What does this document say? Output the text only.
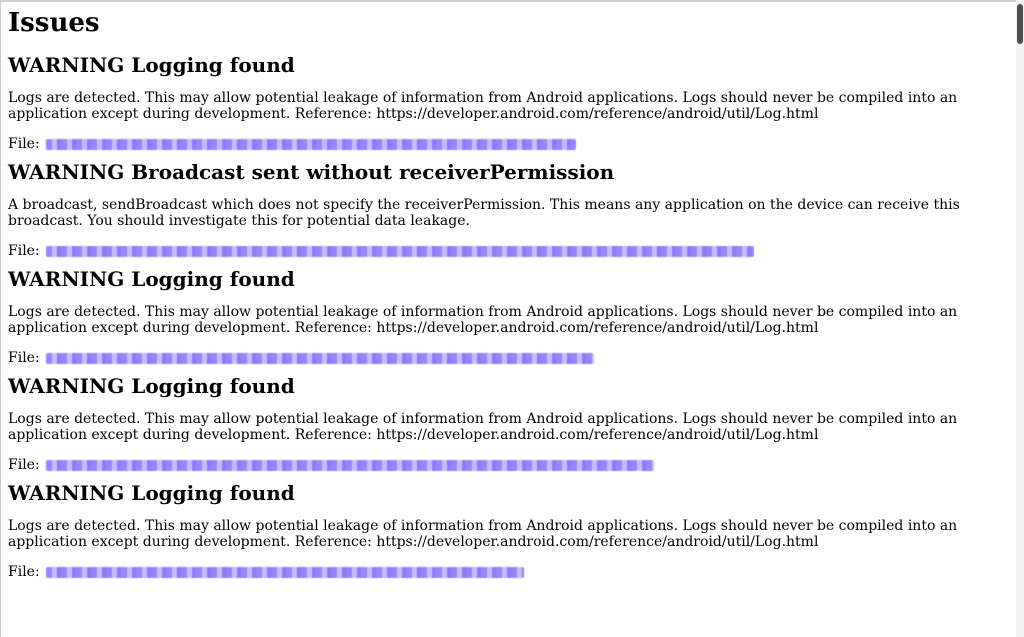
Issues
WARNING Logging found

Logs are detected. This may allow potential leakage of information from Android applications. Logs should never be compiled into an application except during development. Reference: https://developer.android.com/reference/android/util/Log.html

File:

WARNING Broadcast sent without receiverPermission

A broadcast, sendBroadcast which does not specify the receiverPermission. This means any application on the device can receive this broadcast. You should investigate this for potential data leakage.

File:

WARNING Logging found

Logs are detected. This may allow potential leakage of information from Android applications. Logs should never be compiled into an application except during development. Reference: https://developer.android.com/reference/android/util/Log.html

File:

WARNING Logging found

Logs are detected. This may allow potential leakage of information from Android applications. Logs should never be compiled into an application except during development. Reference: https://developer.android.com/reference/android/util/Log.html

File:

WARNING Logging found

Logs are detected. This may allow potential leakage of information from Android applications. Logs should never be compiled into an application except during development. Reference: https://developer.android.com/reference/android/util/Log.html

File:
